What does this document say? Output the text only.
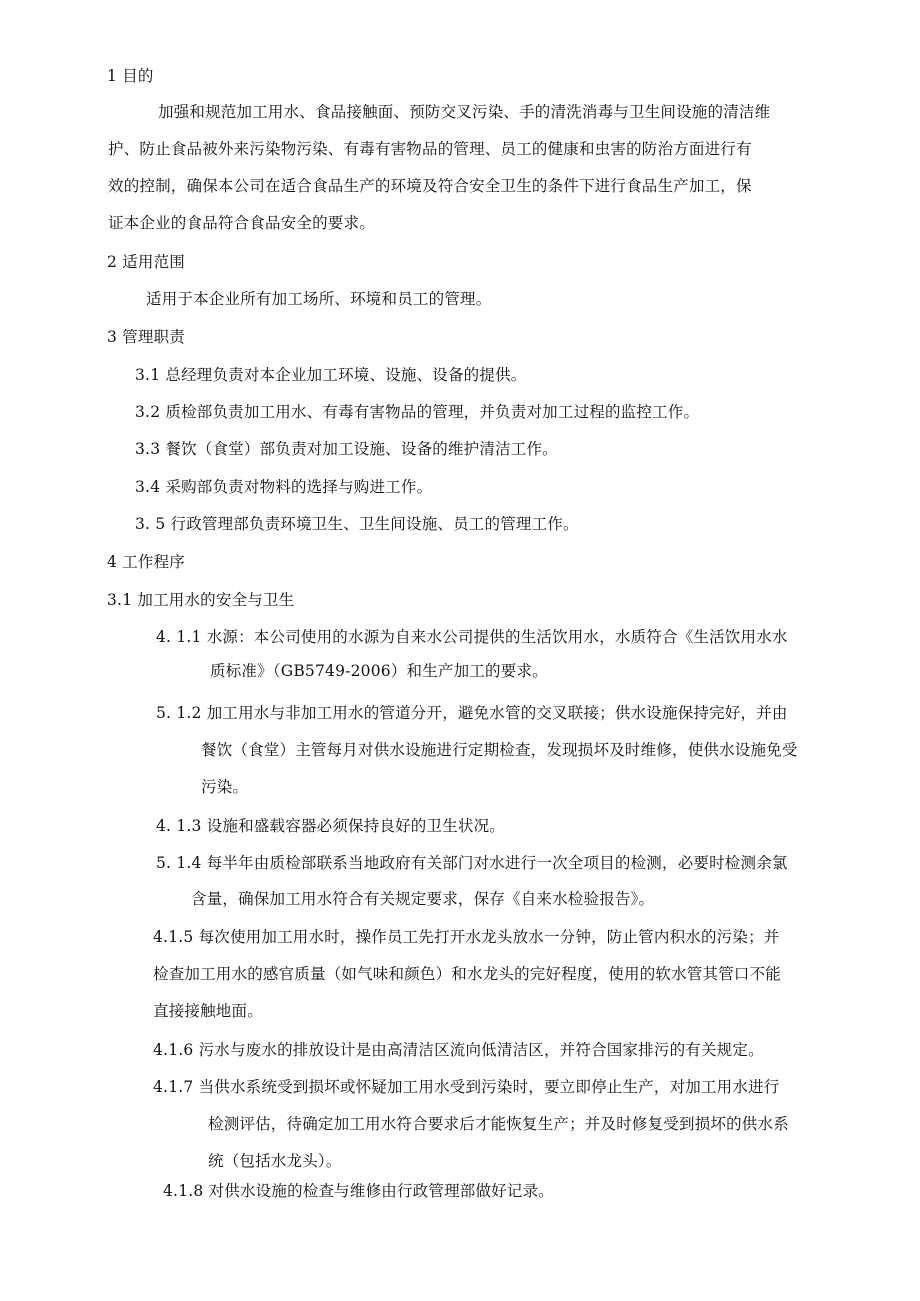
1 目的
加强和规范加工用水、食品接触面、预防交叉污染、手的清洗消毒与卫生间设施的清洁维
护、防止食品被外来污染物污染、有毒有害物品的管理、员工的健康和虫害的防治方面进行有
效的控制，确保本公司在适合食品生产的环境及符合安全卫生的条件下进行食品生产加工，保
证本企业的食品符合食品安全的要求。
2 适用范围
适用于本企业所有加工场所、环境和员工的管理。
3 管理职责
3.1 总经理负责对本企业加工环境、设施、设备的提供。
3.2 质检部负责加工用水、有毒有害物品的管理，并负责对加工过程的监控工作。
3.3 餐饮（食堂）部负责对加工设施、设备的维护清洁工作。
3.4 采购部负责对物料的选择与购进工作。
3. 5 行政管理部负责环境卫生、卫生间设施、员工的管理工作。
4 工作程序
3.1 加工用水的安全与卫生
4. 1.1 水源：本公司使用的水源为自来水公司提供的生活饮用水，水质符合《生活饮用水水
质标准》（GB5749-2006）和生产加工的要求。
5. 1.2 加工用水与非加工用水的管道分开，避免水管的交叉联接；供水设施保持完好，并由
餐饮（食堂）主管每月对供水设施进行定期检查，发现损坏及时维修，使供水设施免受
污染。
4. 1.3 设施和盛载容器必须保持良好的卫生状况。
5. 1.4 每半年由质检部联系当地政府有关部门对水进行一次全项目的检测，必要时检测余氯
含量，确保加工用水符合有关规定要求，保存《自来水检验报告》。
4.1.5 每次使用加工用水时，操作员工先打开水龙头放水一分钟，防止管内积水的污染；并
检查加工用水的感官质量（如气味和颜色）和水龙头的完好程度，使用的软水管其管口不能
直接接触地面。
4.1.6 污水与废水的排放设计是由高清洁区流向低清洁区，并符合国家排污的有关规定。
4.1.7 当供水系统受到损坏或怀疑加工用水受到污染时，要立即停止生产，对加工用水进行
检测评估，待确定加工用水符合要求后才能恢复生产；并及时修复受到损坏的供水系
统（包括水龙头）。
4.1.8 对供水设施的检查与维修由行政管理部做好记录。
